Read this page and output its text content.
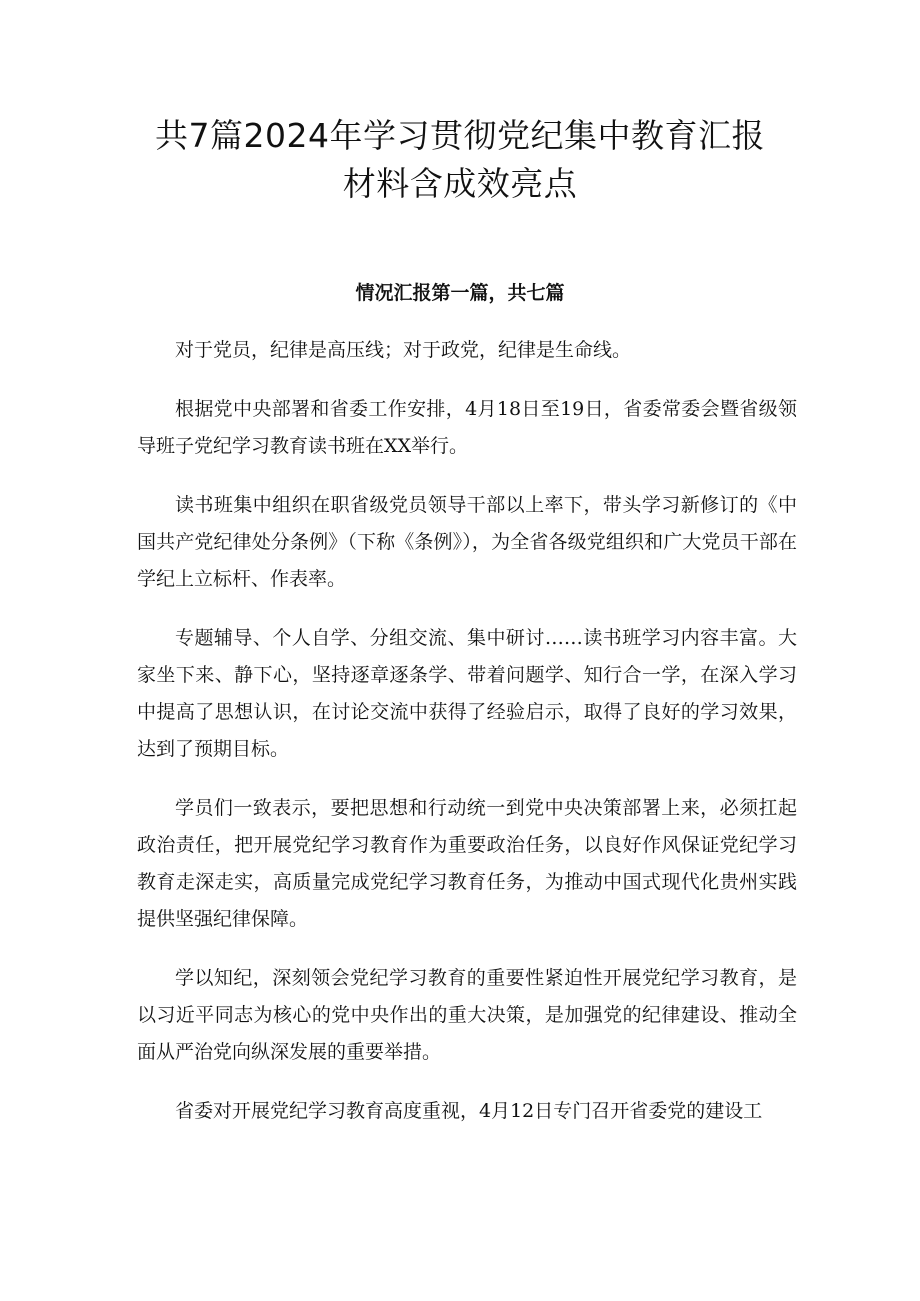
共7篇2024年学习贯彻党纪集中教育汇报
材料含成效亮点
情况汇报第一篇，共七篇

对于党员，纪律是高压线；对于政党，纪律是生命线。

根据党中央部署和省委工作安排，4月18日至19日，省委常委会暨省级领导班子党纪学习教育读书班在XX举行。

读书班集中组织在职省级党员领导干部以上率下，带头学习新修订的《中国共产党纪律处分条例》（下称《条例》），为全省各级党组织和广大党员干部在学纪上立标杆、作表率。

专题辅导、个人自学、分组交流、集中研讨……读书班学习内容丰富。大家坐下来、静下心，坚持逐章逐条学、带着问题学、知行合一学，在深入学习中提高了思想认识，在讨论交流中获得了经验启示，取得了良好的学习效果，达到了预期目标。

学员们一致表示，要把思想和行动统一到党中央决策部署上来，必须扛起政治责任，把开展党纪学习教育作为重要政治任务，以良好作风保证党纪学习教育走深走实，高质量完成党纪学习教育任务，为推动中国式现代化贵州实践提供坚强纪律保障。

学以知纪，深刻领会党纪学习教育的重要性紧迫性开展党纪学习教育，是以习近平同志为核心的党中央作出的重大决策，是加强党的纪律建设、推动全面从严治党向纵深发展的重要举措。

省委对开展党纪学习教育高度重视，4月12日专门召开省委党的建设工
